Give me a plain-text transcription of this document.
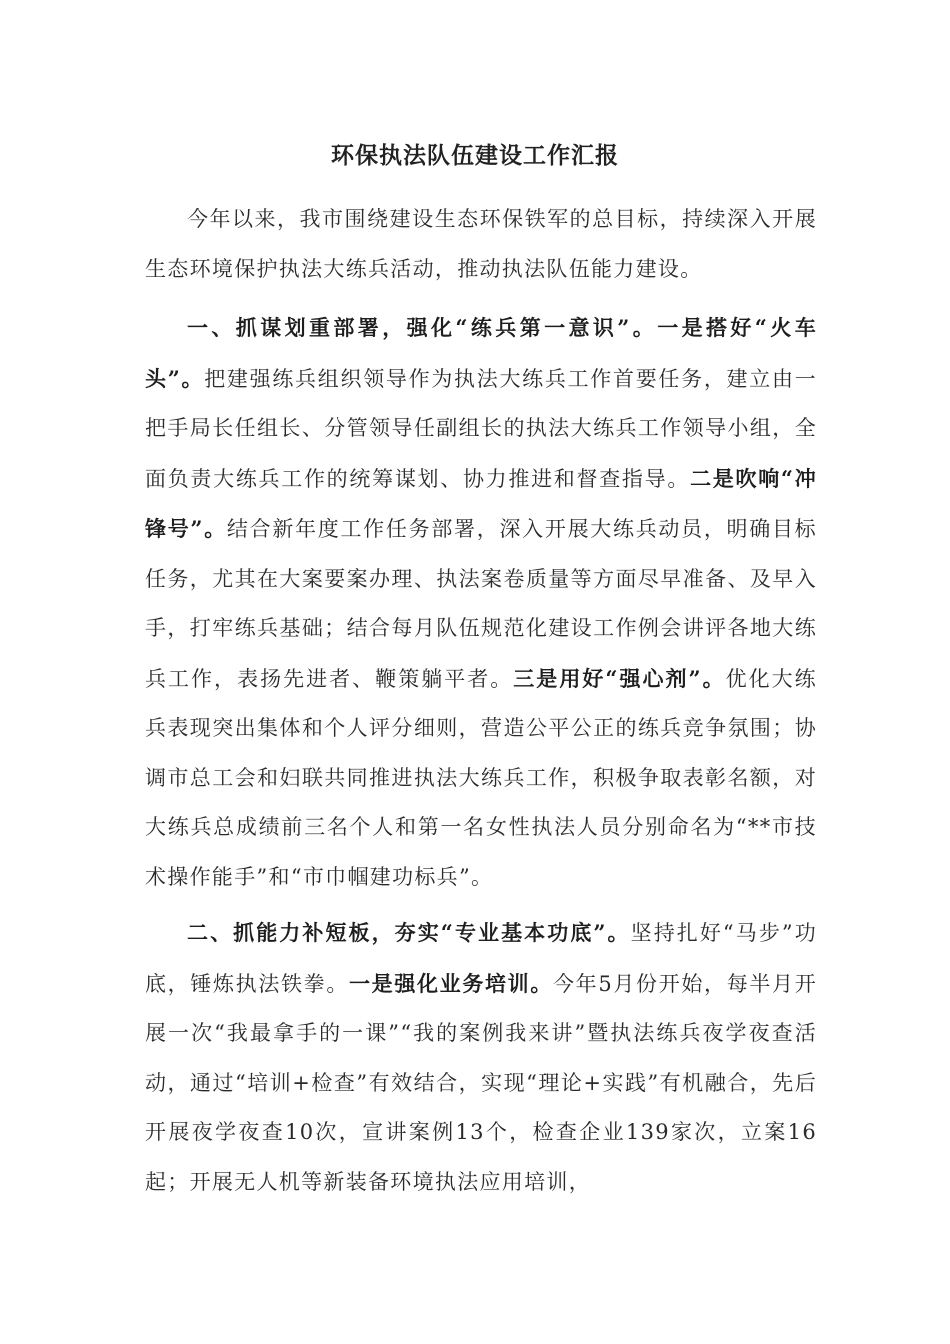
环保执法队伍建设工作汇报

今年以来，我市围绕建设生态环保铁军的总目标，持续深入开展生态环境保护执法大练兵活动，推动执法队伍能力建设。

一、抓谋划重部署，强化“练兵第一意识”。一是搭好“火车头”。把建强练兵组织领导作为执法大练兵工作首要任务，建立由一把手局长任组长、分管领导任副组长的执法大练兵工作领导小组，全面负责大练兵工作的统筹谋划、协力推进和督查指导。二是吹响“冲锋号”。结合新年度工作任务部署，深入开展大练兵动员，明确目标任务，尤其在大案要案办理、执法案卷质量等方面尽早准备、及早入手，打牢练兵基础；结合每月队伍规范化建设工作例会讲评各地大练兵工作，表扬先进者、鞭策躺平者。三是用好“强心剂”。优化大练兵表现突出集体和个人评分细则，营造公平公正的练兵竞争氛围；协调市总工会和妇联共同推进执法大练兵工作，积极争取表彰名额，对大练兵总成绩前三名个人和第一名女性执法人员分别命名为“**市技术操作能手”和“市巾帼建功标兵”。

二、抓能力补短板，夯实“专业基本功底”。坚持扎好“马步”功底，锤炼执法铁拳。一是强化业务培训。今年5月份开始，每半月开展一次“我最拿手的一课”“我的案例我来讲”暨执法练兵夜学夜查活动，通过“培训+检查”有效结合，实现“理论+实践”有机融合，先后开展夜学夜查10次，宣讲案例13个，检查企业139家次，立案16起；开展无人机等新装备环境执法应用培训，
